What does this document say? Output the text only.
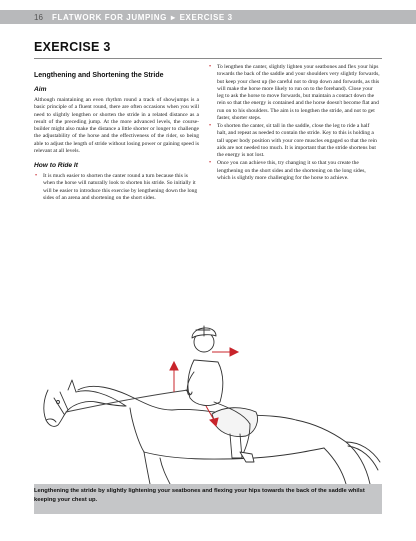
16	FLATWORK FOR JUMPING ▸ EXERCISE 3
EXERCISE 3
Lengthening and Shortening the Stride
Aim

Although maintaining an even rhythm round a track of showjumps is a basic principle of a fluent round, there are often occasions when you will need to slightly lengthen or shorten the stride in a related distance as a result of the preceding jump. At the more advanced levels, the course-builder might also make the distance a little shorter or longer to challenge the adjustability of the horse and the effectiveness of the rider, so being able to adjust the length of stride without losing power or gaining speed is relevant at all levels.

How to Ride It
• It is much easier to shorten the canter round a turn because this is when the horse will naturally look to shorten his stride. So initially it will be easier to introduce this exercise by lengthening down the long sides of an arena and shortening on the short sides.
• To lengthen the canter, slightly lighten your seatbones and flex your hips towards the back of the saddle and your shoulders very slightly forwards, but keep your chest up (be careful not to drop down and forwards, as this will make the horse more likely to run on to the forehand). Close your leg to ask the horse to move forwards, but maintain a contact down the rein so that the energy is contained and the horse doesn't become flat and run on to his shoulders. The aim is to lengthen the stride, and not to get faster, shorter steps.
• To shorten the canter, sit tall in the saddle, close the leg to ride a half halt, and repeat as needed to contain the stride. Key to this is holding a tall upper body position with your core muscles engaged so that the rein aids are not needed too much. It is important that the stride shortens but the energy is not lost.
• Once you can achieve this, try changing it so that you create the lengthening on the short sides and the shortening on the long sides, which is slightly more challenging for the horse to achieve.
Lengthening the stride by slightly lightening your seatbones and flexing your hips towards the back of the saddle whilst keeping your chest up.
